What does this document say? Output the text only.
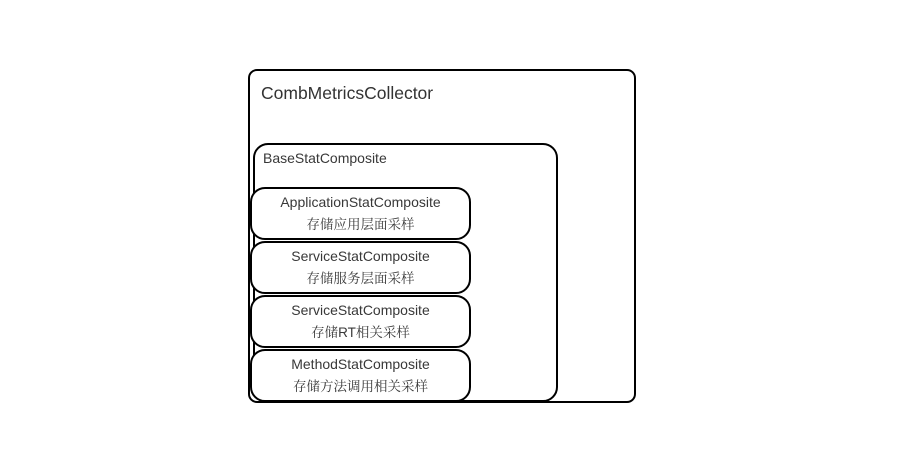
CombMetricsCollector
BaseStatComposite
ApplicationStatComposite
存储应用层面采样
ServiceStatComposite
存储服务层面采样
ServiceStatComposite
存储RT相关采样
MethodStatComposite
存储方法调用相关采样
